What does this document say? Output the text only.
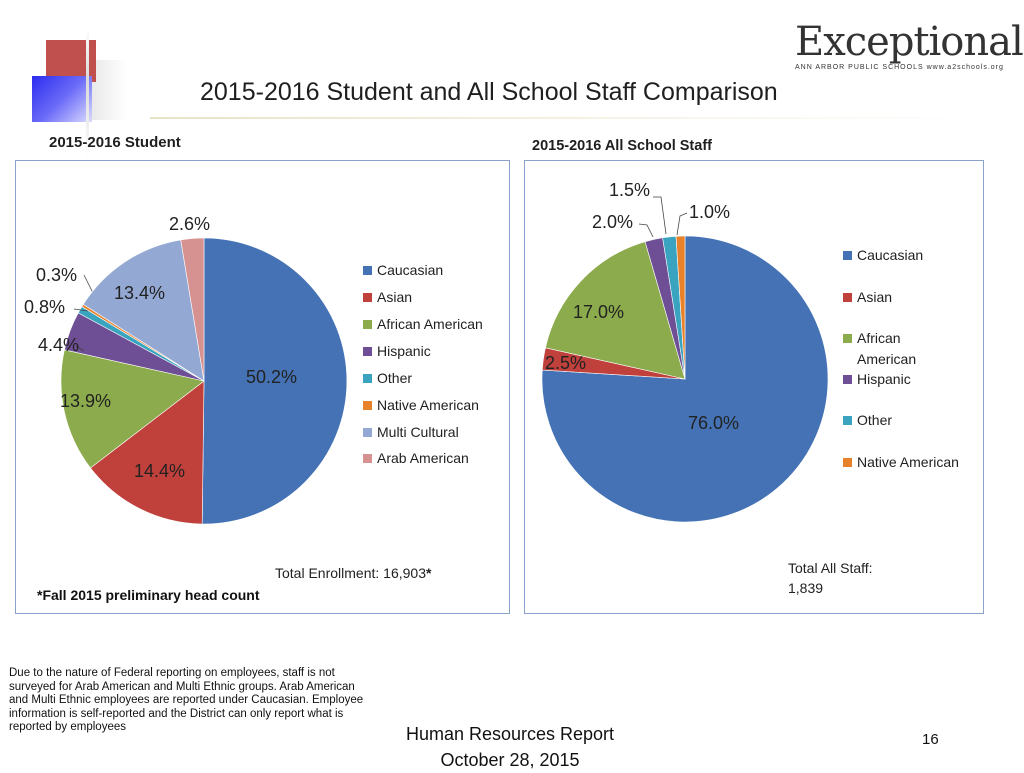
Exceptional
ANN ARBOR PUBLIC SCHOOLS www.a2schools.org
2015-2016 Student and All School Staff Comparison
2015-2016 Student	2015-2016 All School Staff
50.2%
14.4%
13.9%
4.4%
0.8%
0.3%
13.4%
2.6%
Caucasian
Asian
African American
Hispanic
Other
Native American
Multi Cultural
Arab American
Total Enrollment: 16,903*
*Fall 2015 preliminary head count
76.0%
2.5%
17.0%
2.0%
1.5%
1.0%
Caucasian
Asian
African
American
Hispanic
Other
Native American
Total All Staff:
1,839
Due to the nature of Federal reporting on employees, staff is not surveyed for Arab American and Multi Ethnic groups. Arab American and Multi Ethnic employees are reported under Caucasian. Employee information is self-reported and the District can only report what is reported by employees	Human Resources Report
October 28, 2015
16
